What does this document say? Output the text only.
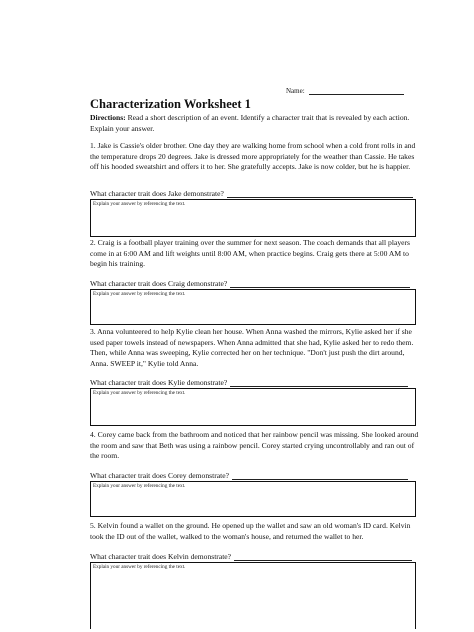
Name:
Characterization Worksheet 1
Directions: Read a short description of an event. Identify a character trait that is revealed by each action. Explain your answer.
1. Jake is Cassie's older brother. One day they are walking home from school when a cold front rolls in and the temperature drops 20 degrees. Jake is dressed more appropriately for the weather than Cassie. He takes off his hooded sweatshirt and offers it to her. She gratefully accepts. Jake is now colder, but he is happier.
What character trait does Jake demonstrate?
Explain your answer by referencing the text.
2. Craig is a football player training over the summer for next season. The coach demands that all players come in at 6:00 AM and lift weights until 8:00 AM, when practice begins. Craig gets there at 5:00 AM to begin his training.
What character trait does Craig demonstrate?
Explain your answer by referencing the text.
3. Anna volunteered to help Kylie clean her house. When Anna washed the mirrors, Kylie asked her if she used paper towels instead of newspapers. When Anna admitted that she had, Kylie asked her to redo them. Then, while Anna was sweeping, Kylie corrected her on her technique. "Don't just push the dirt around, Anna. SWEEP it," Kylie told Anna.
What character trait does Kylie demonstrate?
Explain your answer by referencing the text.
4. Corey came back from the bathroom and noticed that her rainbow pencil was missing. She looked around the room and saw that Beth was using a rainbow pencil. Corey started crying uncontrollably and ran out of the room.
What character trait does Corey demonstrate?
Explain your answer by referencing the text.
5. Kelvin found a wallet on the ground. He opened up the wallet and saw an old woman's ID card. Kelvin took the ID out of the wallet, walked to the woman's house, and returned the wallet to her.
What character trait does Kelvin demonstrate?
Explain your answer by referencing the text.
